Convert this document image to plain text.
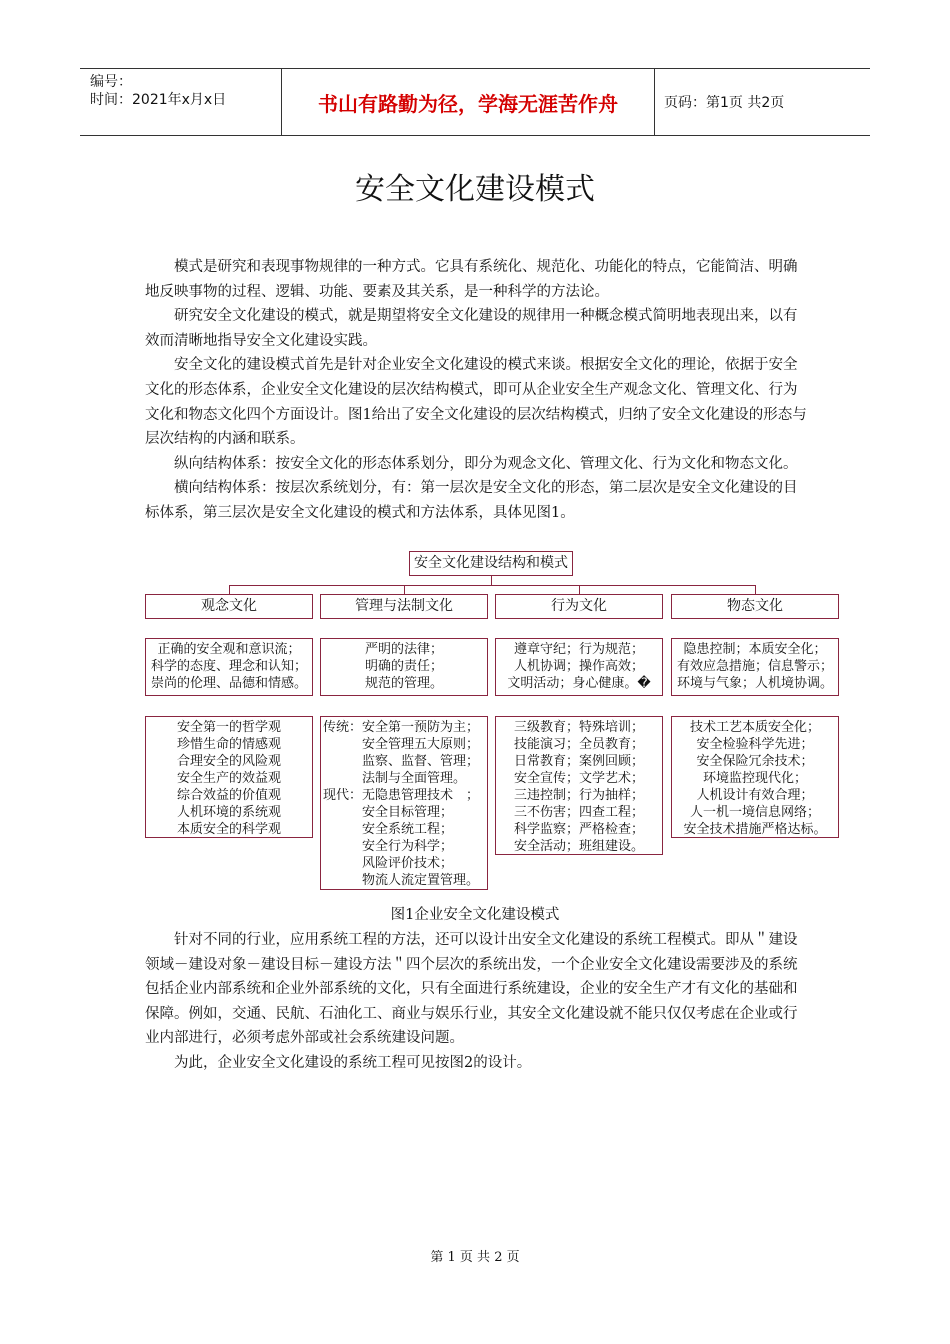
编号：
时间：2021年x月x日	书山有路勤为径，学海无涯苦作舟	页码：第1页 共2页
安全文化建设模式

模式是研究和表现事物规律的一种方式。它具有系统化、规范化、功能化的特点，它能简洁、明确地反映事物的过程、逻辑、功能、要素及其关系，是一种科学的方法论。

研究安全文化建设的模式，就是期望将安全文化建设的规律用一种概念模式简明地表现出来，以有效而清晰地指导安全文化建设实践。

安全文化的建设模式首先是针对企业安全文化建设的模式来谈。根据安全文化的理论，依据于安全文化的形态体系，企业安全文化建设的层次结构模式，即可从企业安全生产观念文化、管理文化、行为文化和物态文化四个方面设计。图1给出了安全文化建设的层次结构模式，归纳了安全文化建设的形态与层次结构的内涵和联系。

纵向结构体系：按安全文化的形态体系划分，即分为观念文化、管理文化、行为文化和物态文化。

横向结构体系：按层次系统划分，有：第一层次是安全文化的形态，第二层次是安全文化建设的目标体系，第三层次是安全文化建设的模式和方法体系，具体见图1。

安全文化建设结构和模式
观念文化
正确的安全观和意识流；
科学的态度、理念和认知；
崇尚的伦理、品德和情感。
安全第一的哲学观
珍惜生命的情感观
合理安全的风险观
安全生产的效益观
综合效益的价值观
人机环境的系统观
本质安全的科学观
管理与法制文化
严明的法律；
明确的责任；
规范的管理。
传统：安全第一预防为主；
　　　安全管理五大原则；
　　　监察、监督、管理；
　　　法制与全面管理。
现代：无隐患管理技术　；
　　　安全目标管理；
　　　安全系统工程；
　　　安全行为科学；
　　　风险评价技术；
　　　物流人流定置管理。
行为文化
遵章守纪；行为规范；
人机协调；操作高效；
文明活动；身心健康。�
三级教育；特殊培训；
技能演习；全员教育；
日常教育；案例回顾；
安全宣传；文学艺术；
三违控制；行为抽样；
三不伤害；四查工程；
科学监察；严格检查；
安全活动；班组建设。
物态文化
隐患控制；本质安全化；
有效应急措施；信息警示；
环境与气象；人机境协调。
技术工艺本质安全化；
安全检验科学先进；
安全保险冗余技术；
环境监控现代化；
人机设计有效合理；
人一机一境信息网络；
安全技术措施严格达标。
图1企业安全文化建设模式

针对不同的行业，应用系统工程的方法，还可以设计出安全文化建设的系统工程模式。即从＂建设领域－建设对象－建设目标－建设方法＂四个层次的系统出发，一个企业安全文化建设需要涉及的系统包括企业内部系统和企业外部系统的文化，只有全面进行系统建设，企业的安全生产才有文化的基础和保障。例如，交通、民航、石油化工、商业与娱乐行业，其安全文化建设就不能只仅仅考虑在企业或行业内部进行，必须考虑外部或社会系统建设问题。

为此，企业安全文化建设的系统工程可见按图2的设计。

第 1 页 共 2 页
